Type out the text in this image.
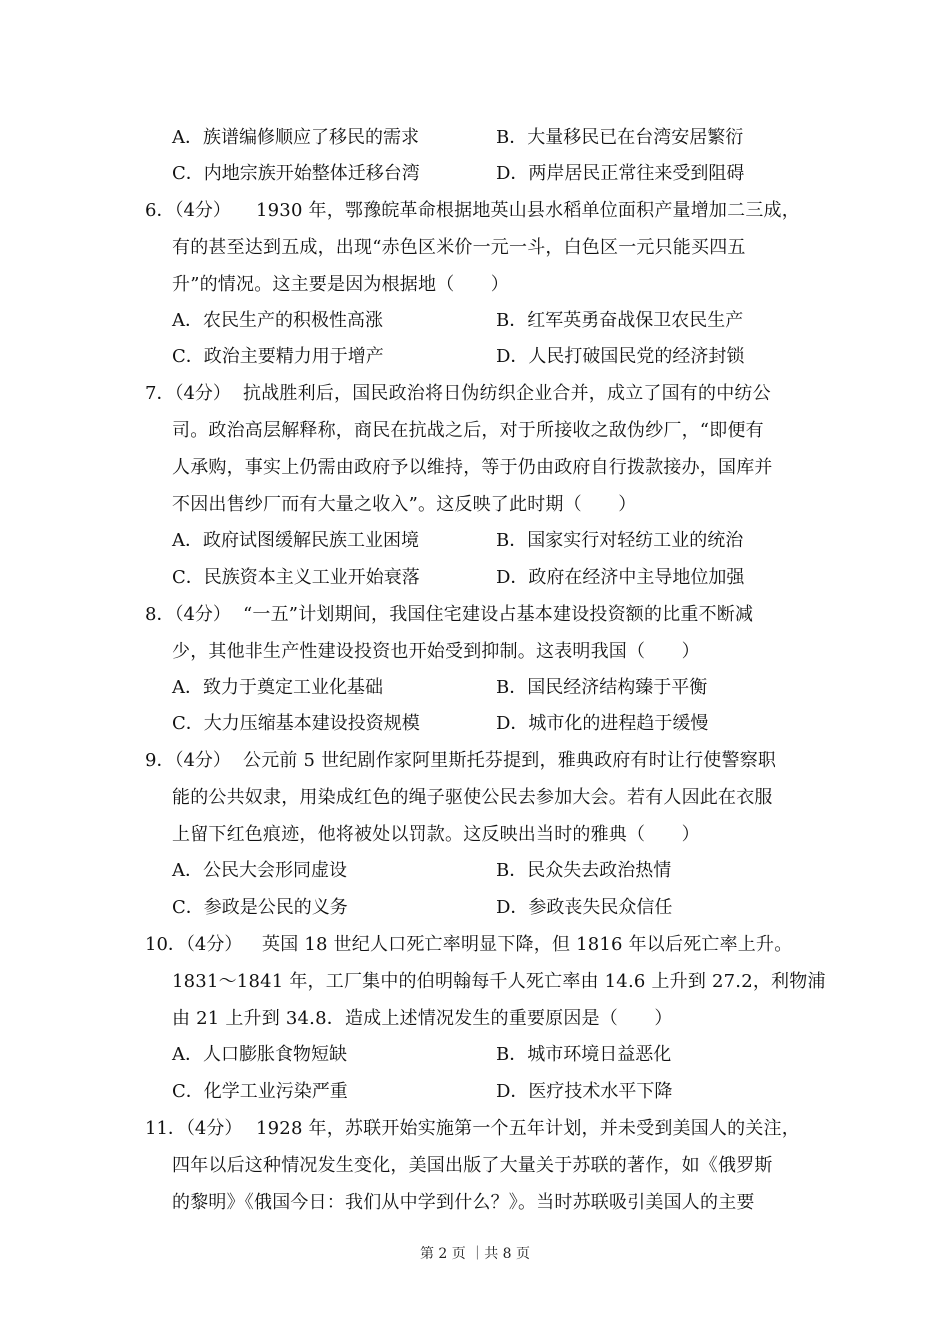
A．族谱编修顺应了移民的需求	B．大量移民已在台湾安居繁衍
C．内地宗族开始整体迁移台湾	D．两岸居民正常往来受到阻碍
6．（4分） 1930 年，鄂豫皖革命根据地英山县水稻单位面积产量增加二三成，
有的甚至达到五成，出现“赤色区米价一元一斗，白色区一元只能买四五
升”的情况。这主要是因为根据地（　　）
A．农民生产的积极性高涨	B．红军英勇奋战保卫农民生产
C．政治主要精力用于增产	D．人民打破国民党的经济封锁
7．（4分） 抗战胜利后，国民政治将日伪纺织企业合并，成立了国有的中纺公
司。政治高层解释称，商民在抗战之后，对于所接收之敌伪纱厂，“即便有
人承购，事实上仍需由政府予以维持，等于仍由政府自行拨款接办，国库并
不因出售纱厂而有大量之收入”。这反映了此时期（　　）
A．政府试图缓解民族工业困境	B．国家实行对轻纺工业的统治
C．民族资本主义工业开始衰落	D．政府在经济中主导地位加强
8．（4分） “一五”计划期间，我国住宅建设占基本建设投资额的比重不断减
少，其他非生产性建设投资也开始受到抑制。这表明我国（　　）
A．致力于奠定工业化基础	B．国民经济结构臻于平衡
C．大力压缩基本建设投资规模	D．城市化的进程趋于缓慢
9．（4分） 公元前 5 世纪剧作家阿里斯托芬提到，雅典政府有时让行使警察职
能的公共奴隶，用染成红色的绳子驱使公民去参加大会。若有人因此在衣服
上留下红色痕迹，他将被处以罚款。这反映出当时的雅典（　　）
A．公民大会形同虚设	B．民众失去政治热情
C．参政是公民的义务	D．参政丧失民众信任
10．（4分） 英国 18 世纪人口死亡率明显下降，但 1816 年以后死亡率上升。
1831～1841 年，工厂集中的伯明翰每千人死亡率由 14.6 上升到 27.2，利物浦
由 21 上升到 34.8．造成上述情况发生的重要原因是（　　）
A．人口膨胀食物短缺	B．城市环境日益恶化
C．化学工业污染严重	D．医疗技术水平下降
11．（4分） 1928 年，苏联开始实施第一个五年计划，并未受到美国人的关注，
四年以后这种情况发生变化，美国出版了大量关于苏联的著作，如《俄罗斯
的黎明》《俄国今日：我们从中学到什么？》。当时苏联吸引美国人的主要
第 2 页 ｜共 8 页
